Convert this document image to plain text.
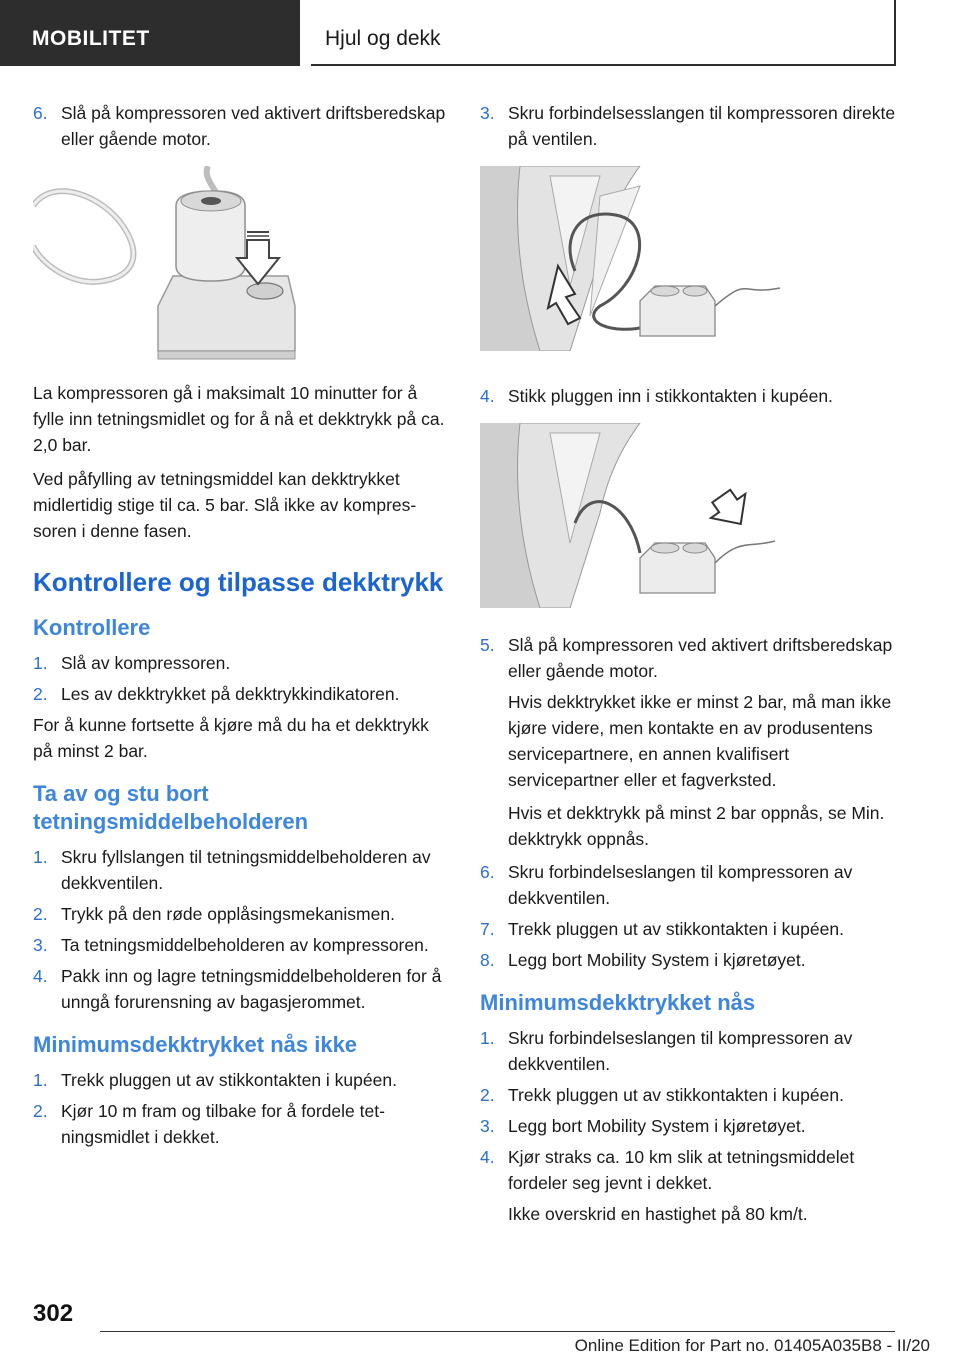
MOBILITET	Hjul og dekk
6. Slå på kompressoren ved aktivert driftsberedskap eller gående motor.

La kompressoren gå i maksimalt 10 minutter for å fylle inn tetningsmidlet og for å nå et dekktrykk på ca. 2,0 bar.

Ved påfylling av tetningsmiddel kan dekktrykket midlertidig stige til ca. 5 bar. Slå ikke av kompressoren i denne fasen.

Kontrollere og tilpasse dekktrykk
Kontrollere
1. Slå av kompressoren.
2. Les av dekktrykket på dekktrykkindikatoren.

For å kunne fortsette å kjøre må du ha et dekktrykk på minst 2 bar.

Ta av og stu bort tetningsmiddelbeholderen
1. Skru fyllslangen til tetningsmiddelbeholderen av dekkventilen.
2. Trykk på den røde opplåsingsmekanismen.
3. Ta tetningsmiddelbeholderen av kompressoren.
4. Pakk inn og lagre tetningsmiddelbeholderen for å unngå forurensning av bagasjerommet.
Minimumsdekktrykket nås ikke
1. Trekk pluggen ut av stikkontakten i kupéen.
2. Kjør 10 m fram og tilbake for å fordele tetningsmidlet i dekket.
3. Skru forbindelsesslangen til kompressoren direkte på ventilen.
4. Stikk pluggen inn i stikkontakten i kupéen.
5. Slå på kompressoren ved aktivert driftsberedskap eller gående motor.

Hvis dekktrykket ikke er minst 2 bar, må man ikke kjøre videre, men kontakte en av produsentens servicepartnere, en annen kvalifisert servicepartner eller et fagverksted.

Hvis et dekktrykk på minst 2 bar oppnås, se Min. dekktrykk oppnås.

6. Skru forbindelseslangen til kompressoren av dekkventilen.
7. Trekk pluggen ut av stikkontakten i kupéen.
8. Legg bort Mobility System i kjøretøyet.
Minimumsdekktrykket nås
1. Skru forbindelseslangen til kompressoren av dekkventilen.
2. Trekk pluggen ut av stikkontakten i kupéen.
3. Legg bort Mobility System i kjøretøyet.
4. Kjør straks ca. 10 km slik at tetningsmiddelet fordeler seg jevnt i dekket.

Ikke overskrid en hastighet på 80 km/t.

302
Online Edition for Part no. 01405A035B8 - II/20
